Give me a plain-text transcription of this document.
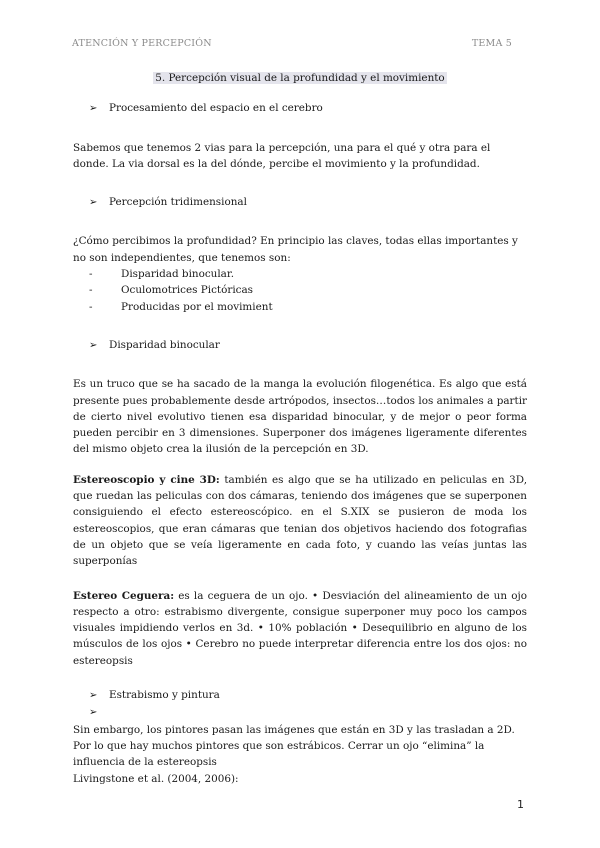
ATENCIÓN Y PERCEPCIÓN	TEMA 5
5. Percepción visual de la profundidad y el movimiento

➢ Procesamiento del espacio en el cerebro

Sabemos que tenemos 2 vias para la percepción, una para el qué y otra para el donde. La via dorsal es la del dónde, percibe el movimiento y la profundidad.

➢ Percepción tridimensional

¿Cómo percibimos la profundidad? En principio las claves, todas ellas importantes y no son independientes, que tenemos son:

-	Disparidad binocular.
-	Oculomotrices Pictóricas
-	Producidas por el movimient

➢ Disparidad binocular

Es un truco que se ha sacado de la manga la evolución filogenética. Es algo que está presente pues probablemente desde artrópodos, insectos…todos los animales a partir de cierto nivel evolutivo tienen esa disparidad binocular, y de mejor o peor forma pueden percibir en 3 dimensiones. Superponer dos imágenes ligeramente diferentes del mismo objeto crea la ilusión de la percepción en 3D.

Estereoscopio y cine 3D: también es algo que se ha utilizado en peliculas en 3D, que ruedan las peliculas con dos cámaras, teniendo dos imágenes que se superponen consiguiendo el efecto estereoscópico. en el S.XIX se pusieron de moda los estereoscopios, que eran cámaras que tenian dos objetivos haciendo dos fotografias de un objeto que se veía ligeramente en cada foto, y cuando las veías juntas las superponías

Estereo Ceguera: es la ceguera de un ojo. • Desviación del alineamiento de un ojo respecto a otro: estrabismo divergente, consigue superponer muy poco los campos visuales impidiendo verlos en 3d. • 10% población • Desequilibrio en alguno de los músculos de los ojos • Cerebro no puede interpretar diferencia entre los dos ojos: no estereopsis

➢ Estrabismo y pintura

➢

Sin embargo, los pintores pasan las imágenes que están en 3D y las trasladan a 2D. Por lo que hay muchos pintores que son estrábicos. Cerrar un ojo “elimina” la influencia de la estereopsis

Livingstone et al. (2004, 2006):

1
